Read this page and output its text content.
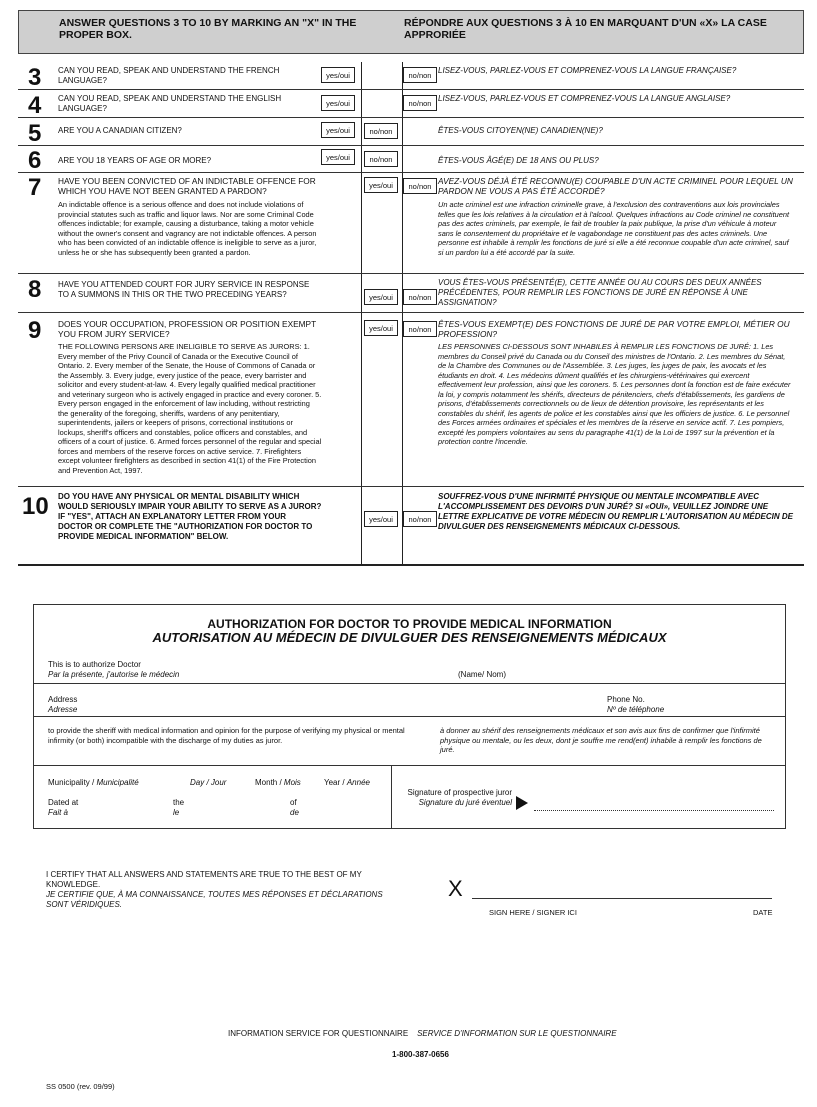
ANSWER QUESTIONS 3 TO 10 BY MARKING AN "X" IN THE PROPER BOX.
RÉPONDRE AUX QUESTIONS 3 À 10 EN MARQUANT D'UN «X» LA CASE APPRORIÉE
3 CAN YOU READ, SPEAK AND UNDERSTAND THE FRENCH LANGUAGE?
yes/oui	no/non
LISEZ-VOUS, PARLEZ-VOUS ET COMPRENEZ-VOUS LA LANGUE FRANÇAISE?
4 CAN YOU READ, SPEAK AND UNDERSTAND THE ENGLISH LANGUAGE?
yes/oui	no/non
LISEZ-VOUS, PARLEZ-VOUS ET COMPRENEZ-VOUS LA LANGUE ANGLAISE?
5 ARE YOU A CANADIAN CITIZEN?	yes/oui	no/non	ÊTES-VOUS CITOYEN(NE) CANADIEN(NE)?
6 ARE YOU 18 YEARS OF AGE OR MORE?	yes/oui	no/non	ÊTES-VOUS ÂGÉ(E) DE 18 ANS OU PLUS?
7 HAVE YOU BEEN CONVICTED OF AN INDICTABLE OFFENCE FOR WHICH YOU HAVE NOT BEEN GRANTED A PARDON?
An indictable offence is a serious offence and does not include violations of provincial statutes such as traffic and liquor laws. Nor are some Criminal Code offences indictable; for example, causing a disturbance, taking a motor vehicle without the owner's consent and vagrancy are not indictable offences. A person who has been convicted of an indictable offence is ineligible to serve as a juror, unless he or she has subsequently been granted a pardon.
yes/oui	no/non
AVEZ-VOUS DÉJÀ ÉTÉ RECONNU(E) COUPABLE D'UN ACTE CRIMINEL POUR LEQUEL UN PARDON NE VOUS A PAS ÉTÉ ACCORDÉ?
Un acte criminel est une infraction criminelle grave, à l'exclusion des contraventions aux lois provinciales telles que les lois relatives à la circulation et à l'alcool. Quelques infractions au Code criminel ne constituent pas des actes criminels, par exemple, le fait de troubler la paix publique, la prise d'un véhicule à moteur sans le consentement du propriétaire et le vagabondage ne constituent pas des actes criminels. Une personne est inhabile à remplir les fonctions de juré si elle a été reconnue coupable d'un acte criminel, sauf si un pardon lui a été accordé par la suite.
8 HAVE YOU ATTENDED COURT FOR JURY SERVICE IN RESPONSE TO A SUMMONS IN THIS OR THE TWO PRECEDING YEARS?	yes/oui	no/non
VOUS ÊTES-VOUS PRÉSENTÉ(E), CETTE ANNÉE OU AU COURS DES DEUX ANNÉES PRÉCÉDENTES, POUR REMPLIR LES FONCTIONS DE JURÉ EN RÉPONSE À UNE ASSIGNATION?
9 DOES YOUR OCCUPATION, PROFESSION OR POSITION EXEMPT YOU FROM JURY SERVICE?
THE FOLLOWING PERSONS ARE INELIGIBLE TO SERVE AS JURORS: 1. Every member of the Privy Council of Canada or the Executive Council of Ontario. 2. Every member of the Senate, the House of Commons of Canada or the Assembly. 3. Every judge, every justice of the peace, every barrister and solicitor and every student-at-law. 4. Every legally qualified medical practitioner and veterinary surgeon who is actively engaged in practice and every coroner. 5. Every person engaged in the enforcement of law including, without restricting the generality of the foregoing, sheriffs, wardens of any penitentiary, superintendents, jailers or keepers of prisons, correctional institutions or lockups, sheriff's officers and constables, police officers and constables, and officers of a court of justice. 6. Armed forces personnel of the regular and special forces and members of the reserve forces on active service. 7. Firefighters except volunteer firefighters as described in section 41(1) of the Fire Protection and Prevention Act, 1997.
yes/oui	no/non
ÊTES-VOUS EXEMPT(E) DES FONCTIONS DE JURÉ DE PAR VOTRE EMPLOI, MÉTIER OU PROFESSION?
LES PERSONNES CI-DESSOUS SONT INHABILES À REMPLIR LES FONCTIONS DE JURÉ: 1. Les membres du Conseil privé du Canada ou du Conseil des ministres de l'Ontario. 2. Les membres du Sénat, de la Chambre des Communes ou de l'Assemblée. 3. Les juges, les juges de paix, les avocats et les étudiants en droit. 4. Les médecins dûment qualifiés et les chirurgiens-vétérinaires qui exercent effectivement leur profession, ainsi que les coroners. 5. Les personnes dont la fonction est de faire exécuter la loi, y compris notamment les shérifs, directeurs de pénitenciers, chefs d'établissements, les gardiens de prisons, d'établissements correctionnels ou de lieux de détention provisoire, les représentants et les constables du shérif, les agents de police et les constables ainsi que les officiers de justice. 6. Le personnel des Forces armées ordinaires et spéciales et les membres de la réserve en service actif. 7. Les pompiers, excepté les pompiers volontaires au sens du paragraphe 41(1) de la Loi de 1997 sur la prévention et la protection contre l'incendie.
10 DO YOU HAVE ANY PHYSICAL OR MENTAL DISABILITY WHICH WOULD SERIOUSLY IMPAIR YOUR ABILITY TO SERVE AS A JUROR? IF "YES", ATTACH AN EXPLANATORY LETTER FROM YOUR DOCTOR OR COMPLETE THE "AUTHORIZATION FOR DOCTOR TO PROVIDE MEDICAL INFORMATION" BELOW.
yes/oui	no/non
SOUFFREZ-VOUS D'UNE INFIRMITÉ PHYSIQUE OU MENTALE INCOMPATIBLE AVEC L'ACCOMPLISSEMENT DES DEVOIRS D'UN JURÉ? SI «OUI», VEUILLEZ JOINDRE UNE LETTRE EXPLICATIVE DE VOTRE MÉDECIN OU REMPLIR L'AUTORISATION AU MÉDECIN DE DIVULGUER DES RENSEIGNEMENTS MÉDICAUX CI-DESSOUS.
AUTHORIZATION FOR DOCTOR TO PROVIDE MEDICAL INFORMATION
AUTORISATION AU MÉDECIN DE DIVULGUER DES RENSEIGNEMENTS MÉDICAUX
This is to authorize Doctor
Par la présente, j'autorise le médecin	(Name/ Nom)
Address
Adresse
Phone No.
Nº de téléphone
to provide the sheriff with medical information and opinion for the purpose of verifying my physical or mental infirmity (or both) incompatible with the discharge of my duties as juror.
à donner au shérif des renseignements médicaux et son avis aux fins de confirmer que l'infirmité physique ou mentale, ou les deux, dont je souffre me rend(ent) inhabile à remplir les fonctions de juré.
Municipality / Municipalité	Day / Jour	Month / Mois	Year / Année
Dated at
Fait à
the
le
of
de
Signature of prospective juror
Signature du juré éventuel
I CERTIFY THAT ALL ANSWERS AND STATEMENTS ARE TRUE TO THE BEST OF MY KNOWLEDGE.
JE CERTIFIE QUE, À MA CONNAISSANCE, TOUTES MES RÉPONSES ET DÉCLARATIONS SONT VÉRIDIQUES.
X
SIGN HERE / SIGNER ICI	DATE
INFORMATION SERVICE FOR QUESTIONNAIRE SERVICE D'INFORMATION SUR LE QUESTIONNAIRE
1-800-387-0656
SS 0500 (rev. 09/99)
